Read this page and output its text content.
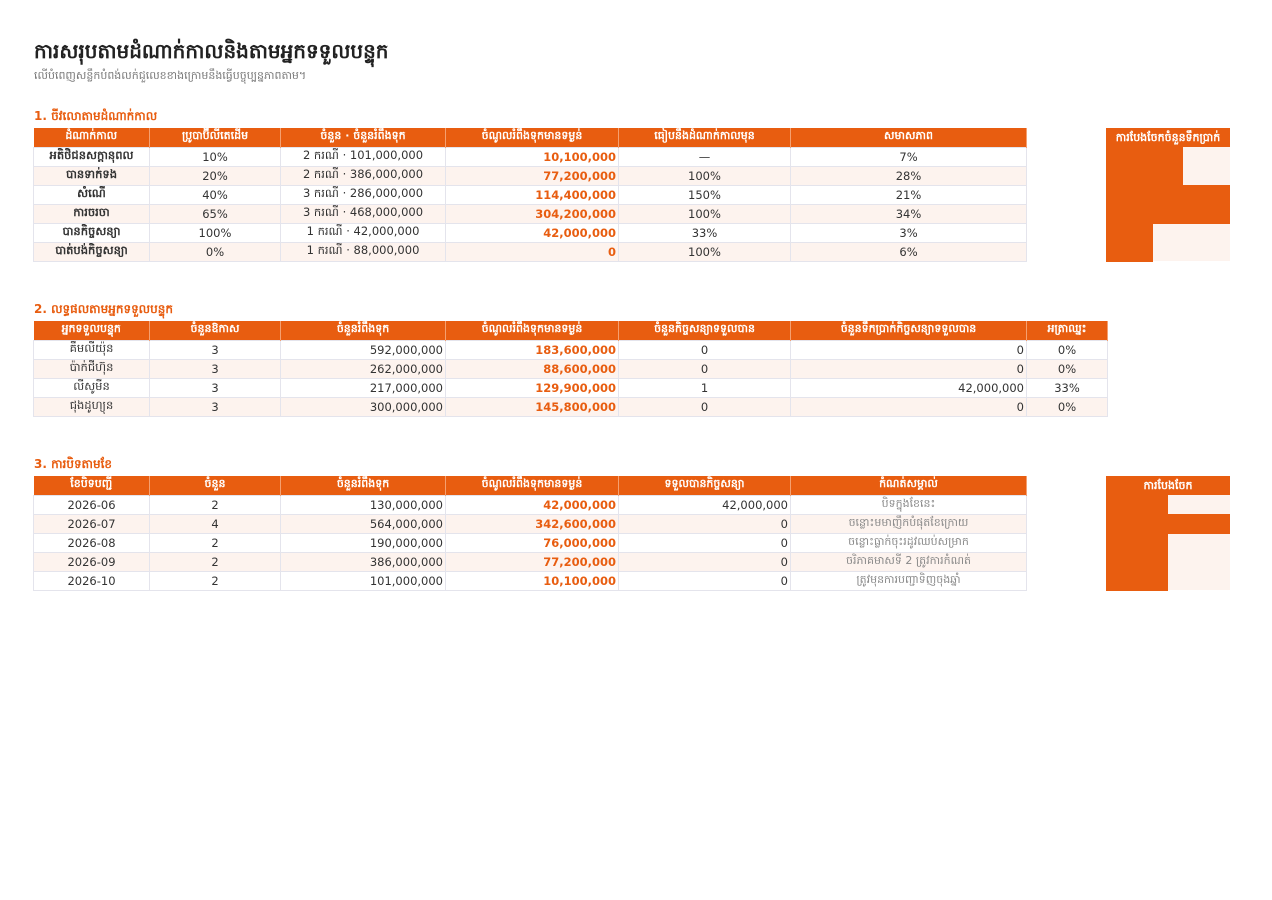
ការសរុបតាមដំណាក់កាលនិងតាមអ្នកទទួលបន្ទុក
លើបំពេញសន្លឹកបំពង់លក់ជួលេខខាងក្រោមនឹងធ្វើបច្ចុប្បន្នភាពតាម។
1. ចីវលោតាមដំណាក់កាល
ដំណាក់កាល	ប្រូបាប៊ីលីតេដើម	ចំនួន · ចំនួនរំពឹងទុក	ចំណូលរំពឹងទុកមានទម្ងន់	ធៀបនឹងដំណាក់កាលមុន	សមាសភាព
អតិថិជនសក្តានុពល	10%	2 ករណី · 101,000,000	10,100,000	—	7%
បានទាក់ទង	20%	2 ករណី · 386,000,000	77,200,000	100%	28%
សំណើ	40%	3 ករណី · 286,000,000	114,400,000	150%	21%
ការចរចា	65%	3 ករណី · 468,000,000	304,200,000	100%	34%
បានកិច្ចសន្យា	100%	1 ករណី · 42,000,000	42,000,000	33%	3%
បាត់បង់កិច្ចសន្យា	0%	1 ករណី · 88,000,000	0	100%	6%
ការបែងចែកចំនួនទឹកប្រាក់
2. លទ្ធផលតាមអ្នកទទួលបន្ទុក
អ្នកទទួលបន្ទុក	ចំនួនឱកាស	ចំនួនរំពឹងទុក	ចំណូលរំពឹងទុកមានទម្ងន់	ចំនួនកិច្ចសន្យាទទួលបាន	ចំនួនទឹកប្រាក់កិច្ចសន្យាទទួលបាន	អត្រាឈ្នះ
គឹមលីយ៉ុន	3	592,000,000	183,600,000	0	0	0%
ប៉ាក់ជីហ៊ុន	3	262,000,000	88,600,000	0	0	0%
លីសូមីន	3	217,000,000	129,900,000	1	42,000,000	33%
ជុងដូហ្យុន	3	300,000,000	145,800,000	0	0	0%
3. ការបិទតាមខែ
ខែបិទបញ្ជី	ចំនួន	ចំនួនរំពឹងទុក	ចំណូលរំពឹងទុកមានទម្ងន់	ទទួលបានកិច្ចសន្យា	កំណត់សម្គាល់
2026-06	2	130,000,000	42,000,000	42,000,000	បិទក្នុងខែនេះ
2026-07	4	564,000,000	342,600,000	0	ចន្លោះមមាញឹកបំផុតខែក្រោយ
2026-08	2	190,000,000	76,000,000	0	ចន្លោះធ្លាក់ចុះរដូវឈប់សម្រាក
2026-09	2	386,000,000	77,200,000	0	ចរិភាគមាសទី 2 ត្រូវការកំណត់
2026-10	2	101,000,000	10,100,000	0	ត្រូវមុនការបញ្ជាទិញចុងឆ្នាំ
ការបែងចែក
